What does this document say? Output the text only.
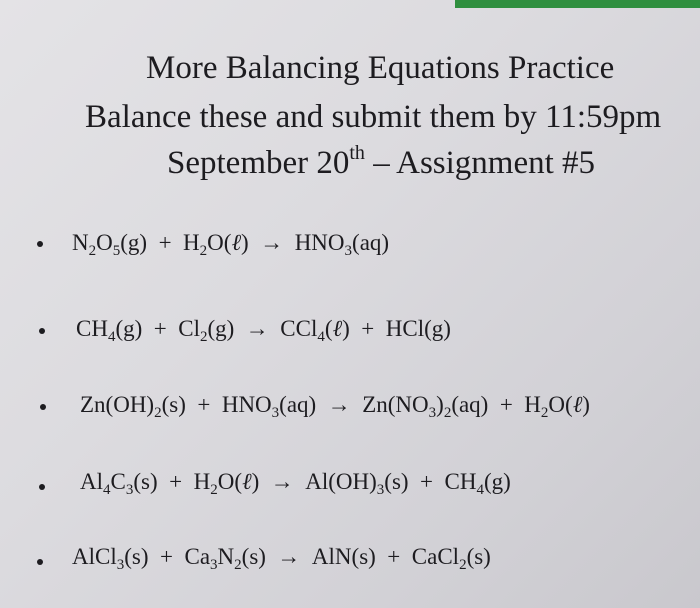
More Balancing Equations Practice
Balance these and submit them by 11:59pm
September 20th – Assignment #5
$N_2O_5(g)$  +  $H_2O(\ell) \to HNO_3(aq)$
$CH_4(g) + Cl_2(g)$  →  CCl$_4$(ℓ)  +  HCl(g)
$Zn(OH)_2(s) + HNO_3(aq) \to Zn(NO_3)_2(aq)$  +  $H_2O(\ell)$
$Al_4C_3(s)$  +  $H_2O(\ell) \to Al(OH)_3(s) + CH_4(g)$
AlCl$_3$(s)  +  $Ca_3N_2(s) \to AlN(s)$  +  CaCl$_2$(s)
